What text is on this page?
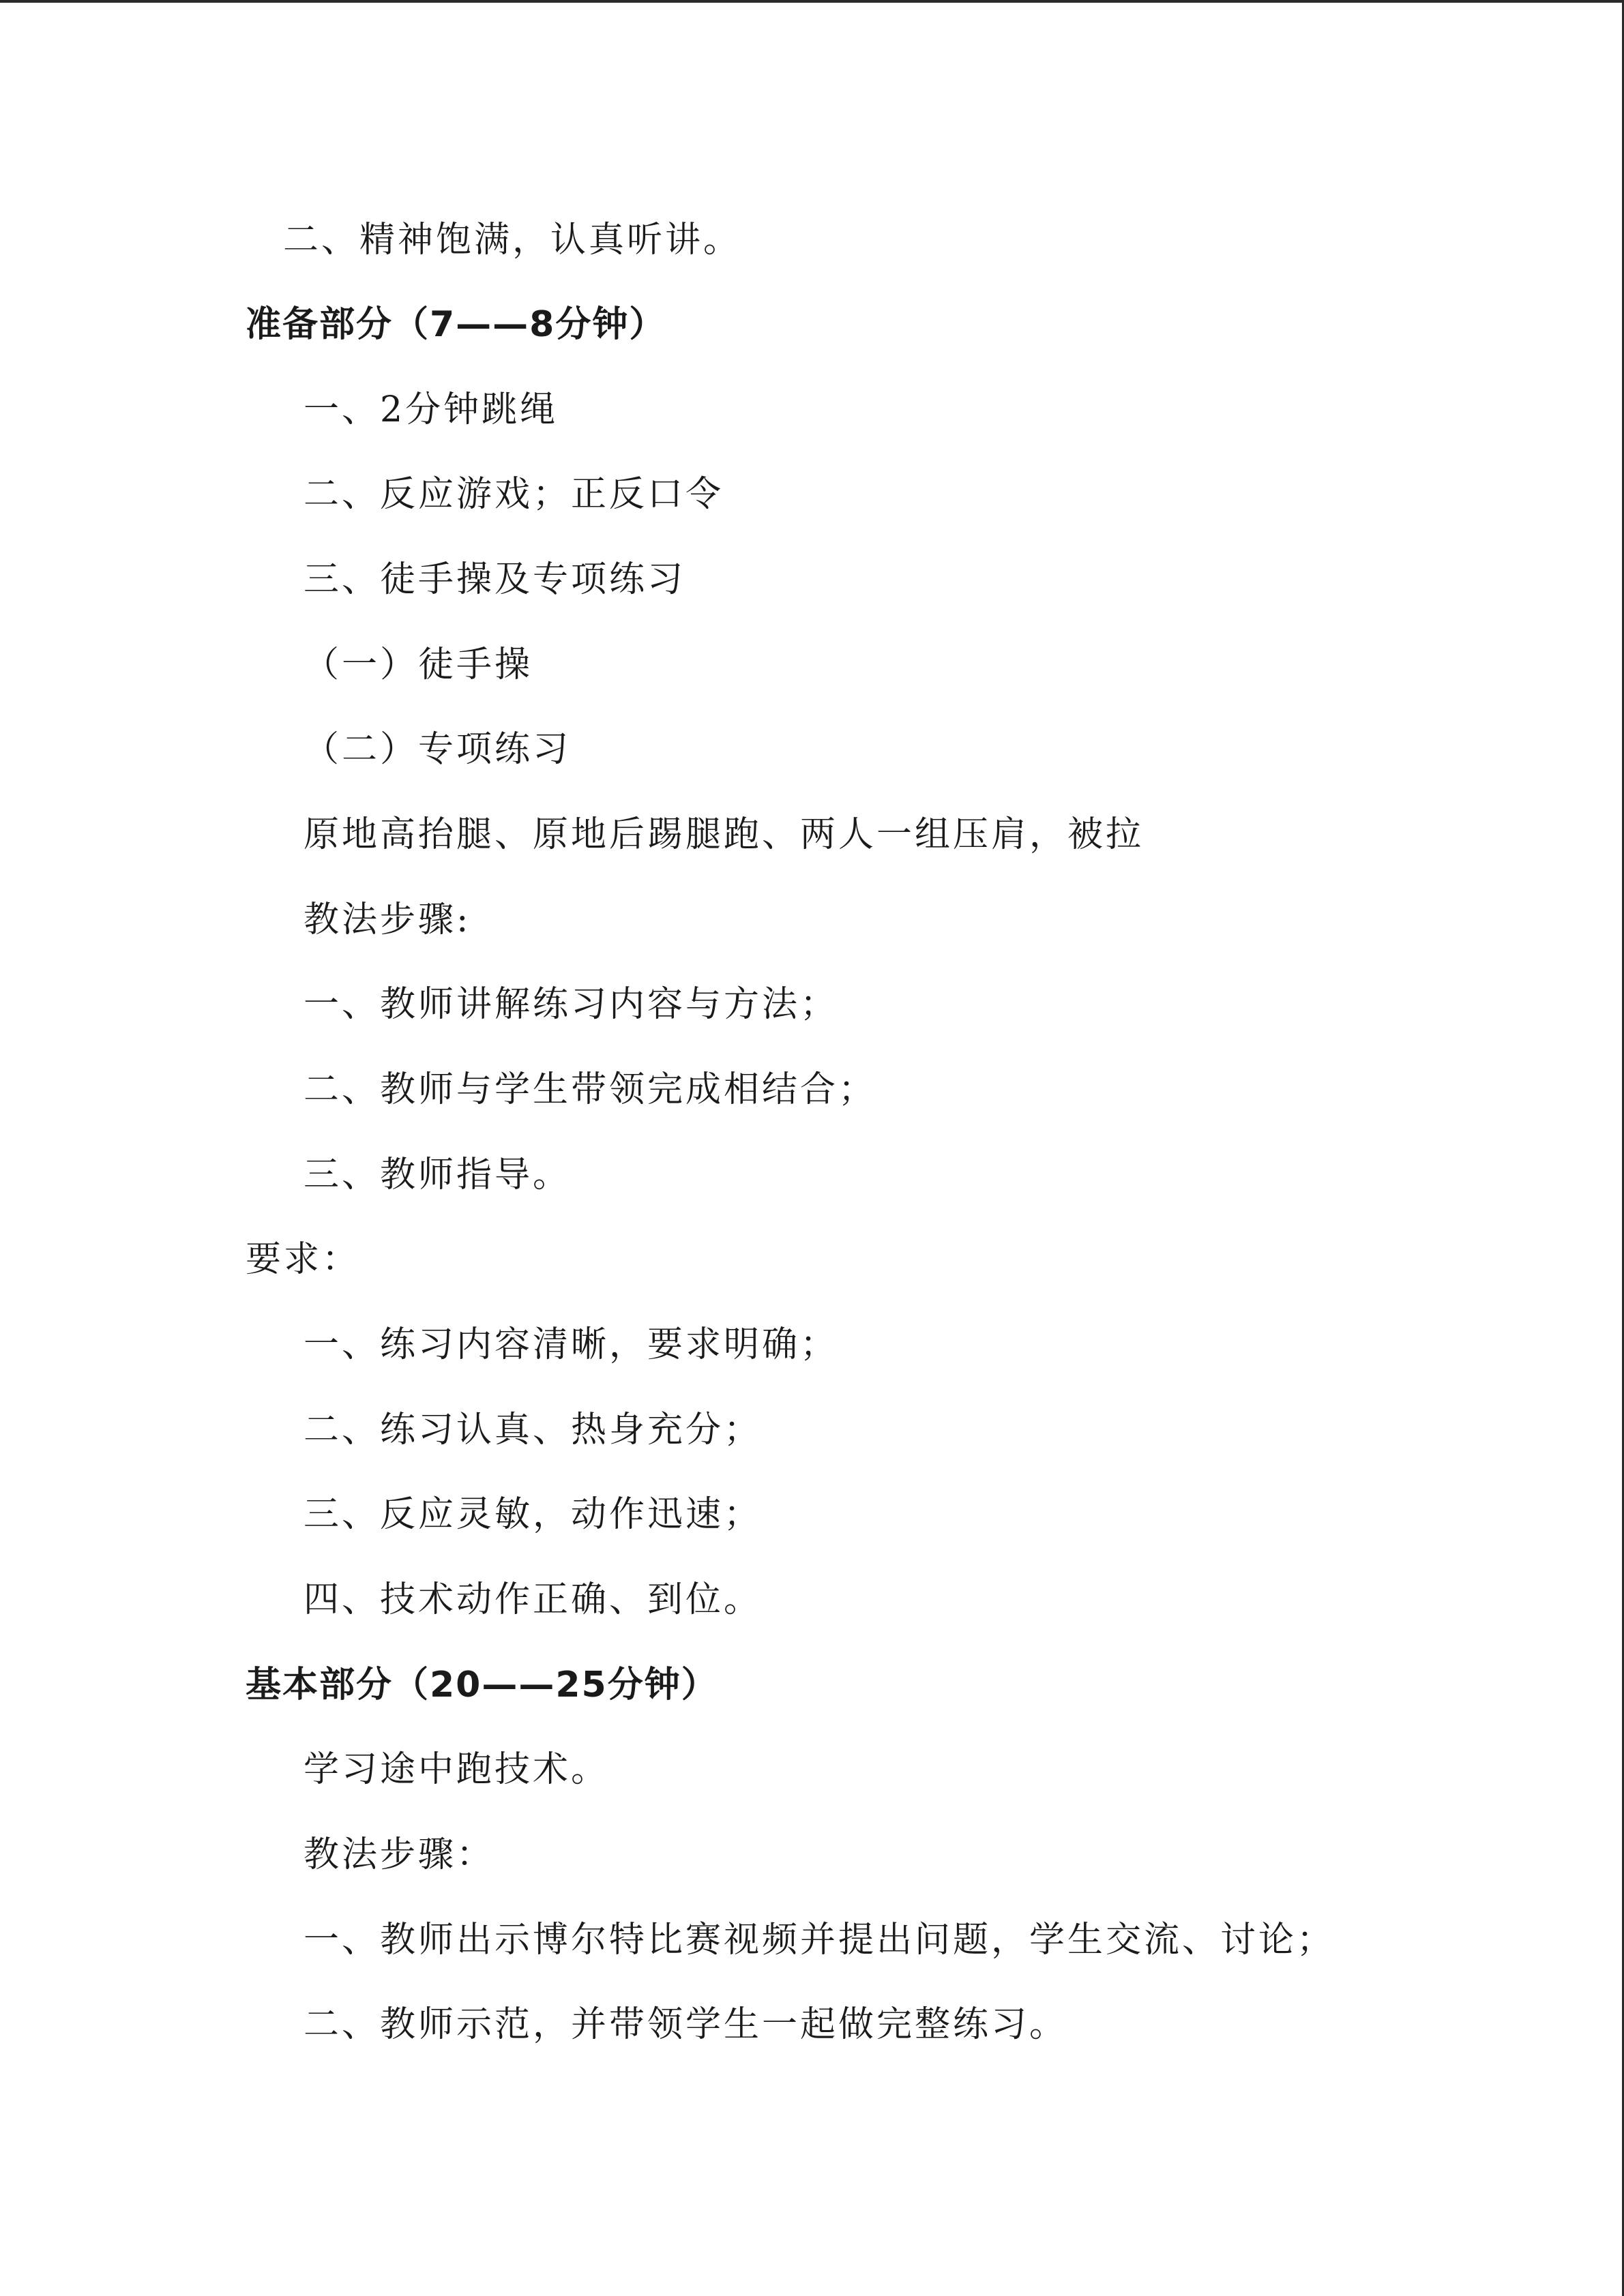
二、精神饱满，认真听讲。
准备部分（7——8分钟）
一、2分钟跳绳
二、反应游戏；正反口令
三、徒手操及专项练习
（一）徒手操
（二）专项练习
原地高抬腿、原地后踢腿跑、两人一组压肩，被拉
教法步骤:
一、教师讲解练习内容与方法；
二、教师与学生带领完成相结合；
三、教师指导。
要求：
一、练习内容清晰，要求明确；
二、练习认真、热身充分；
三、反应灵敏，动作迅速；
四、技术动作正确、到位。
基本部分（20——25分钟）
学习途中跑技术。
教法步骤：
一、教师出示博尔特比赛视频并提出问题，学生交流、讨论；
二、教师示范，并带领学生一起做完整练习。
